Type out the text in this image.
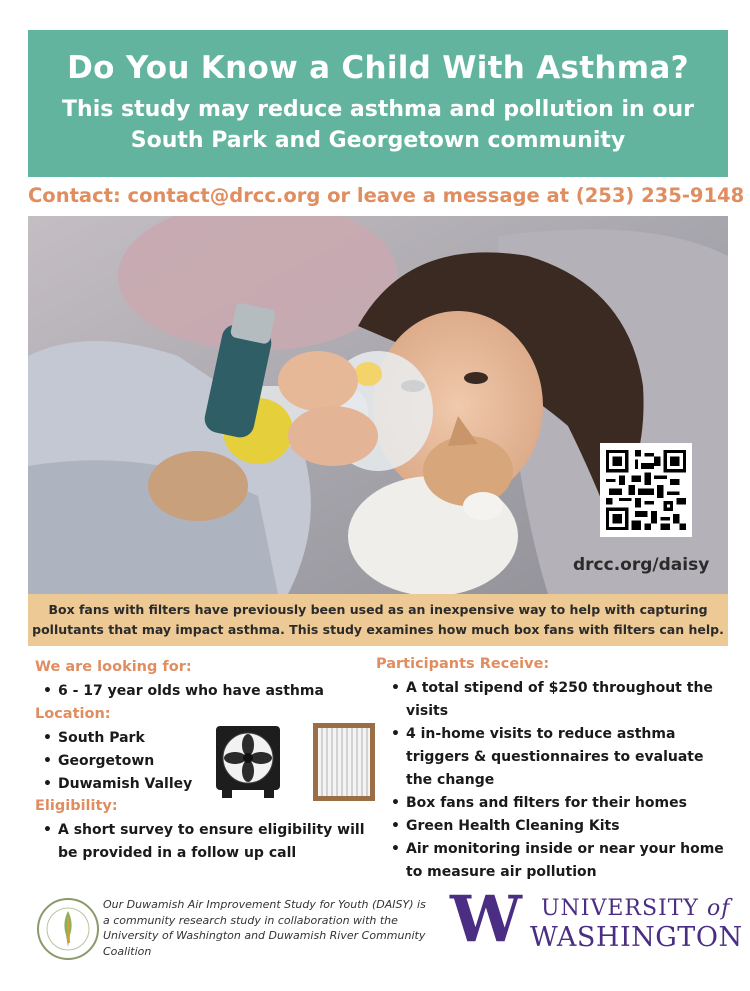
Do You Know a Child With Asthma?
This study may reduce asthma and pollution in our
South Park and Georgetown community
Contact: contact@drcc.org or leave a message at (253) 235-9148
drcc.org/daisy
Box fans with filters have previously been used as an inexpensive way to help with capturing
pollutants that may impact asthma. This study examines how much box fans with filters can help.
We are looking for:
• 6 - 17 year olds who have asthma
Location:
• South Park
• Georgetown
• Duwamish Valley
Eligibility:
• A short survey to ensure eligibility will be provided in a follow up call
Participants Receive:
• A total stipend of $250 throughout the visits
• 4 in-home visits to reduce asthma triggers & questionnaires to evaluate the change
• Box fans and filters for their homes
• Green Health Cleaning Kits
• Air monitoring inside or near your home to measure air pollution
Our Duwamish Air Improvement Study for Youth (DAISY) is a community research study in collaboration with the University of Washington and Duwamish River Community Coalition	W UNIVERSITY of
WASHINGTON
